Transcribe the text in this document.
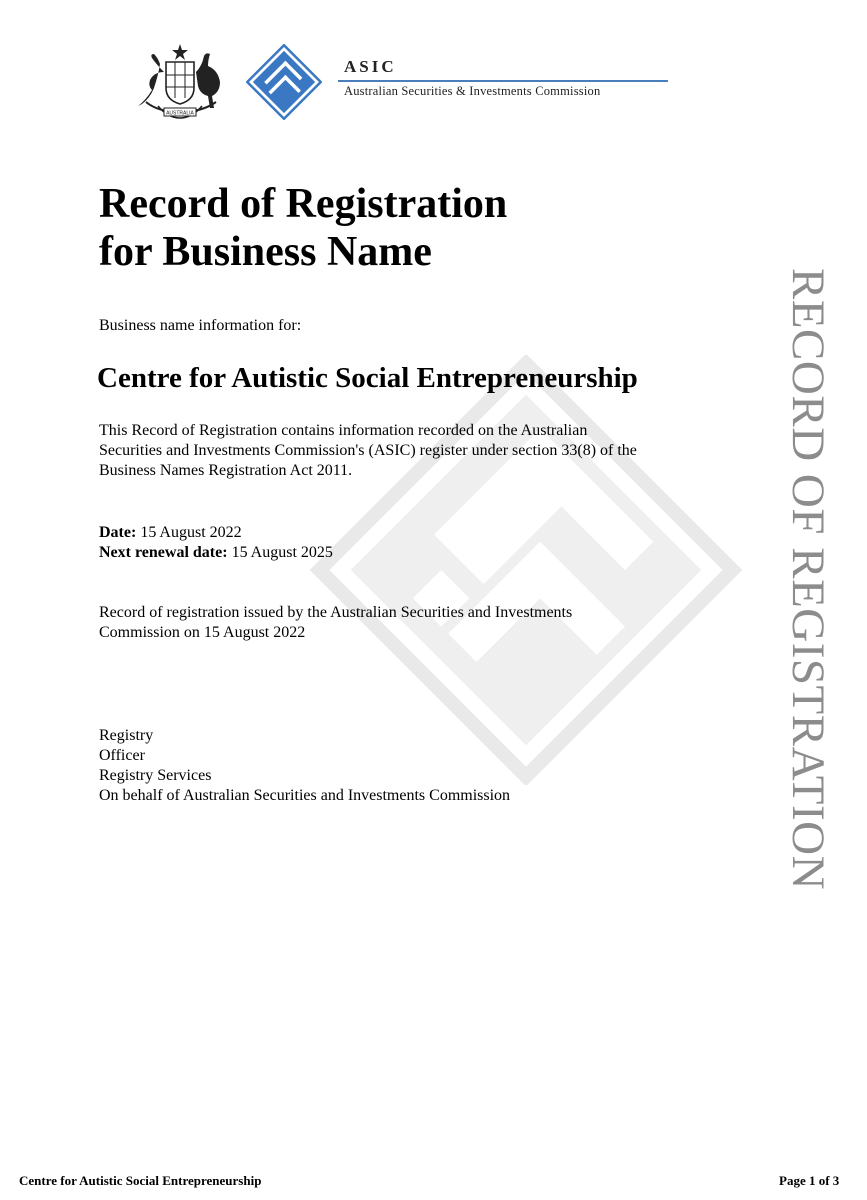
AUSTRALIA
ASIC
Australian Securities & Investments Commission
RECORD OF REGISTRATION
Record of Registration
for Business Name
Business name information for:
Centre for Autistic Social Entrepreneurship
This Record of Registration contains information recorded on the Australian
Securities and Investments Commission's (ASIC) register under section 33(8) of the
Business Names Registration Act 2011.
Date: 15 August 2022
Next renewal date: 15 August 2025
Record of registration issued by the Australian Securities and Investments
Commission on 15 August 2022
Registry
Officer
Registry Services
On behalf of Australian Securities and Investments Commission
Centre for Autistic Social Entrepreneurship	Page 1 of 3
